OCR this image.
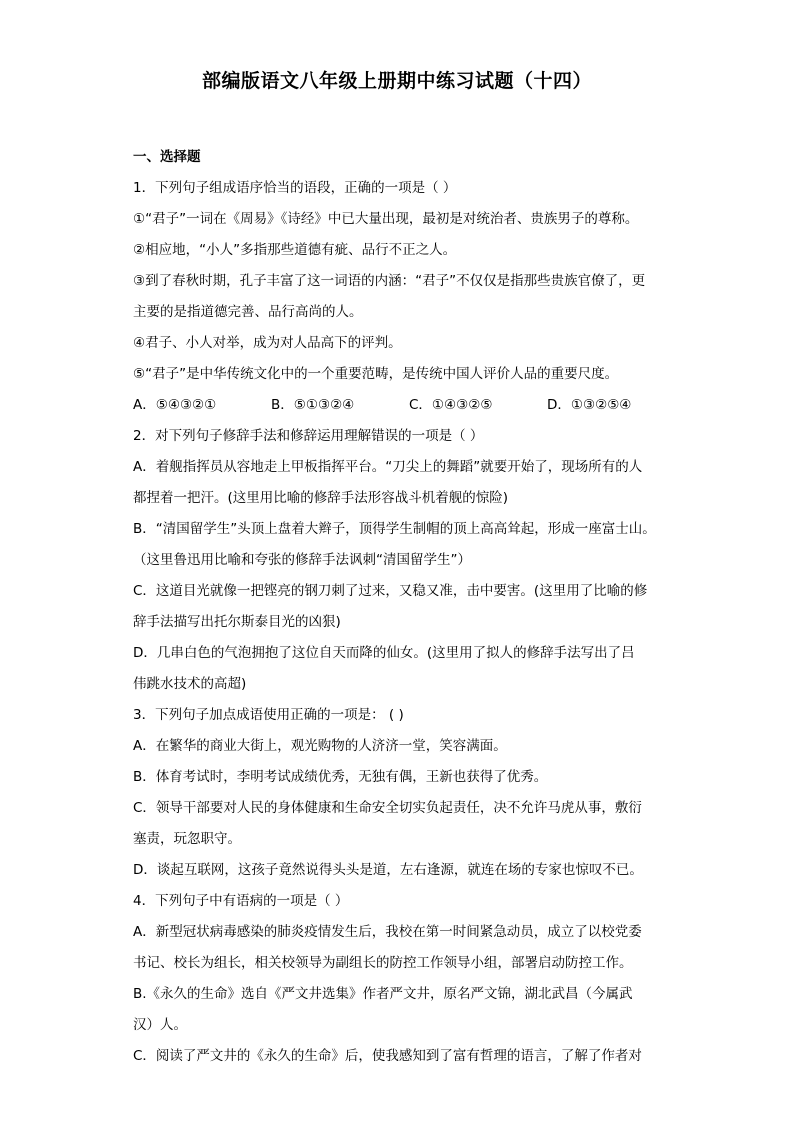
部编版语文八年级上册期中练习试题（十四）

一、选择题

1．下列句子组成语序恰当的语段，正确的一项是（ ）

①“君子”一词在《周易》《诗经》中已大量出现，最初是对统治者、贵族男子的尊称。

②相应地，“小人”多指那些道德有疵、品行不正之人。

③到了春秋时期，孔子丰富了这一词语的内涵：“君子”不仅仅是指那些贵族官僚了，更

主要的是指道德完善、品行高尚的人。

④君子、小人对举，成为对人品高下的评判。

⑤“君子”是中华传统文化中的一个重要范畴，是传统中国人评价人品的重要尺度。

A．⑤④③②①	B．⑤①③②④	C．①④③②⑤	D．①③②⑤④

2．对下列句子修辞手法和修辞运用理解错误的一项是（ ）

A．着舰指挥员从容地走上甲板指挥平台。“刀尖上的舞蹈”就要开始了，现场所有的人

都捏着一把汗。(这里用比喻的修辞手法形容战斗机着舰的惊险)

B．“清国留学生”头顶上盘着大辫子，顶得学生制帽的顶上高高耸起，形成一座富士山。

（这里鲁迅用比喻和夸张的修辞手法讽刺“清国留学生”）

C．这道目光就像一把铿亮的钢刀刺了过来，又稳又准，击中要害。(这里用了比喻的修

辞手法描写出托尔斯泰目光的凶狠)

D．几串白色的气泡拥抱了这位自天而降的仙女。(这里用了拟人的修辞手法写出了吕

伟跳水技术的高超)

3．下列句子加点成语使用正确的一项是： ( )

A．在繁华的商业大街上，观光购物的人济济一堂，笑容满面。

B．体育考试时，李明考试成绩优秀，无独有偶，王新也获得了优秀。

C．领导干部要对人民的身体健康和生命安全切实负起责任，决不允许马虎从事，敷衍

塞责，玩忽职守。

D．谈起互联网，这孩子竟然说得头头是道，左右逢源，就连在场的专家也惊叹不已。

4．下列句子中有语病的一项是（ ）

A．新型冠状病毒感染的肺炎疫情发生后，我校在第一时间紧急动员，成立了以校党委

书记、校长为组长，相关校领导为副组长的防控工作领导小组，部署启动防控工作。

B.《永久的生命》选自《严文井选集》作者严文井，原名严文锦，湖北武昌（今属武

汉）人。

C．阅读了严文井的《永久的生命》后，使我感知到了富有哲理的语言，了解了作者对
